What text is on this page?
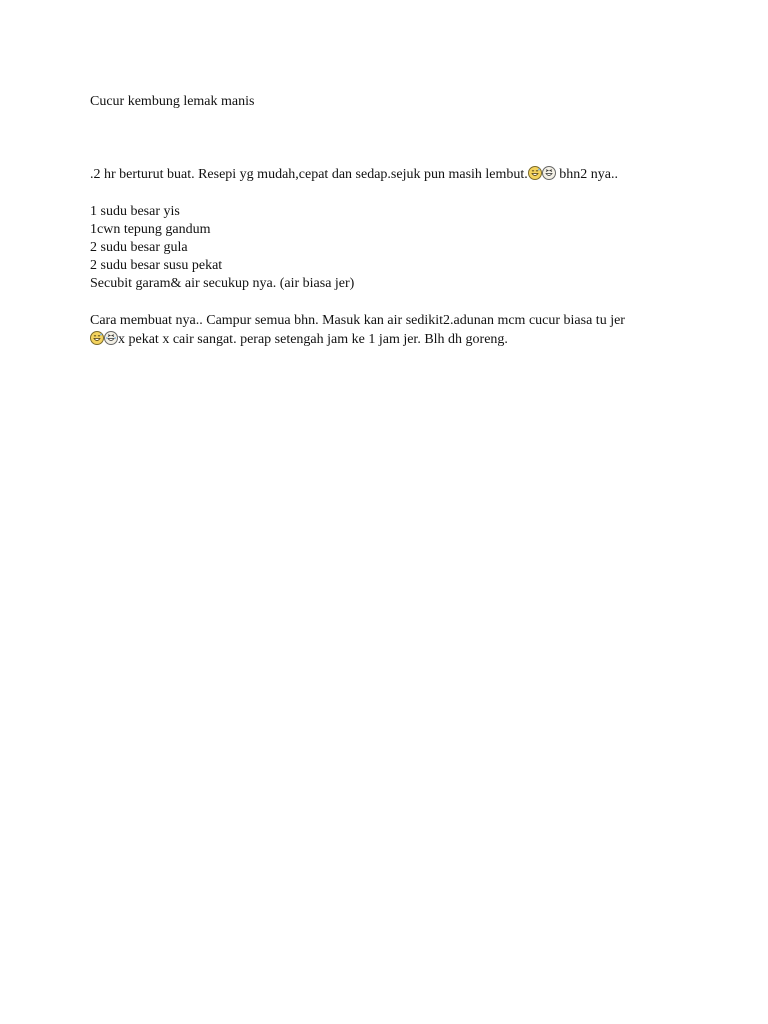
Cucur kembung lemak manis

.2 hr berturut buat. Resepi yg mudah,cepat dan sedap.sejuk pun masih lembut.
bhn2 nya..

1 sudu besar yis
1cwn tepung gandum
2 sudu besar gula
2 sudu besar susu pekat
Secubit garam& air secukup nya. (air biasa jer)

Cara membuat nya.. Campur semua bhn. Masuk kan air sedikit2.adunan mcm cucur biasa tu jer
x pekat x cair sangat. perap setengah jam ke 1 jam jer. Blh dh goreng.
